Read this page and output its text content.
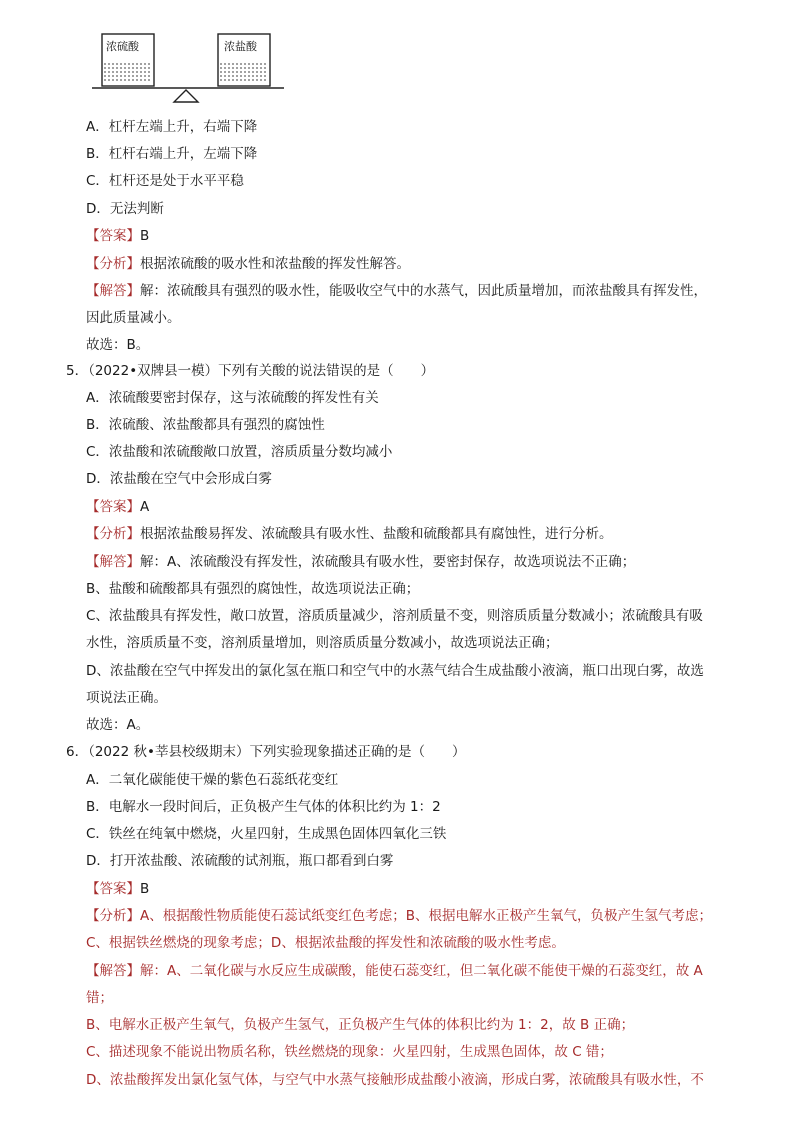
浓硫酸	浓盐酸
A．杠杆左端上升，右端下降
B．杠杆右端上升，左端下降
C．杠杆还是处于水平平稳
D．无法判断
【答案】B
【分析】根据浓硫酸的吸水性和浓盐酸的挥发性解答。
【解答】解：浓硫酸具有强烈的吸水性，能吸收空气中的水蒸气，因此质量增加，而浓盐酸具有挥发性，
因此质量减小。
故选：B。
5．（2022•双牌县一模）下列有关酸的说法错误的是（　　）
A．浓硫酸要密封保存，这与浓硫酸的挥发性有关
B．浓硫酸、浓盐酸都具有强烈的腐蚀性
C．浓盐酸和浓硫酸敞口放置，溶质质量分数均减小
D．浓盐酸在空气中会形成白雾
【答案】A
【分析】根据浓盐酸易挥发、浓硫酸具有吸水性、盐酸和硫酸都具有腐蚀性，进行分析。
【解答】解：A、浓硫酸没有挥发性，浓硫酸具有吸水性，要密封保存，故选项说法不正确；
B、盐酸和硫酸都具有强烈的腐蚀性，故选项说法正确；
C、浓盐酸具有挥发性，敞口放置，溶质质量减少，溶剂质量不变，则溶质质量分数减小；浓硫酸具有吸
水性，溶质质量不变，溶剂质量增加，则溶质质量分数减小，故选项说法正确；
D、浓盐酸在空气中挥发出的氯化氢在瓶口和空气中的水蒸气结合生成盐酸小液滴，瓶口出现白雾，故选
项说法正确。
故选：A。
6．（2022 秋•莘县校级期末）下列实验现象描述正确的是（　　）
A．二氧化碳能使干燥的紫色石蕊纸花变红
B．电解水一段时间后，正负极产生气体的体积比约为 1：2
C．铁丝在纯氧中燃烧，火星四射，生成黑色固体四氧化三铁
D．打开浓盐酸、浓硫酸的试剂瓶，瓶口都看到白雾
【答案】B
【分析】A、根据酸性物质能使石蕊试纸变红色考虑；B、根据电解水正极产生氧气，负极产生氢气考虑；
C、根据铁丝燃烧的现象考虑；D、根据浓盐酸的挥发性和浓硫酸的吸水性考虑。
【解答】解：A、二氧化碳与水反应生成碳酸，能使石蕊变红，但二氧化碳不能使干燥的石蕊变红，故 A
错；
B、电解水正极产生氧气，负极产生氢气，正负极产生气体的体积比约为 1：2，故 B 正确；
C、描述现象不能说出物质名称，铁丝燃烧的现象：火星四射，生成黑色固体，故 C 错；
D、浓盐酸挥发出氯化氢气体，与空气中水蒸气接触形成盐酸小液滴，形成白雾，浓硫酸具有吸水性，不
